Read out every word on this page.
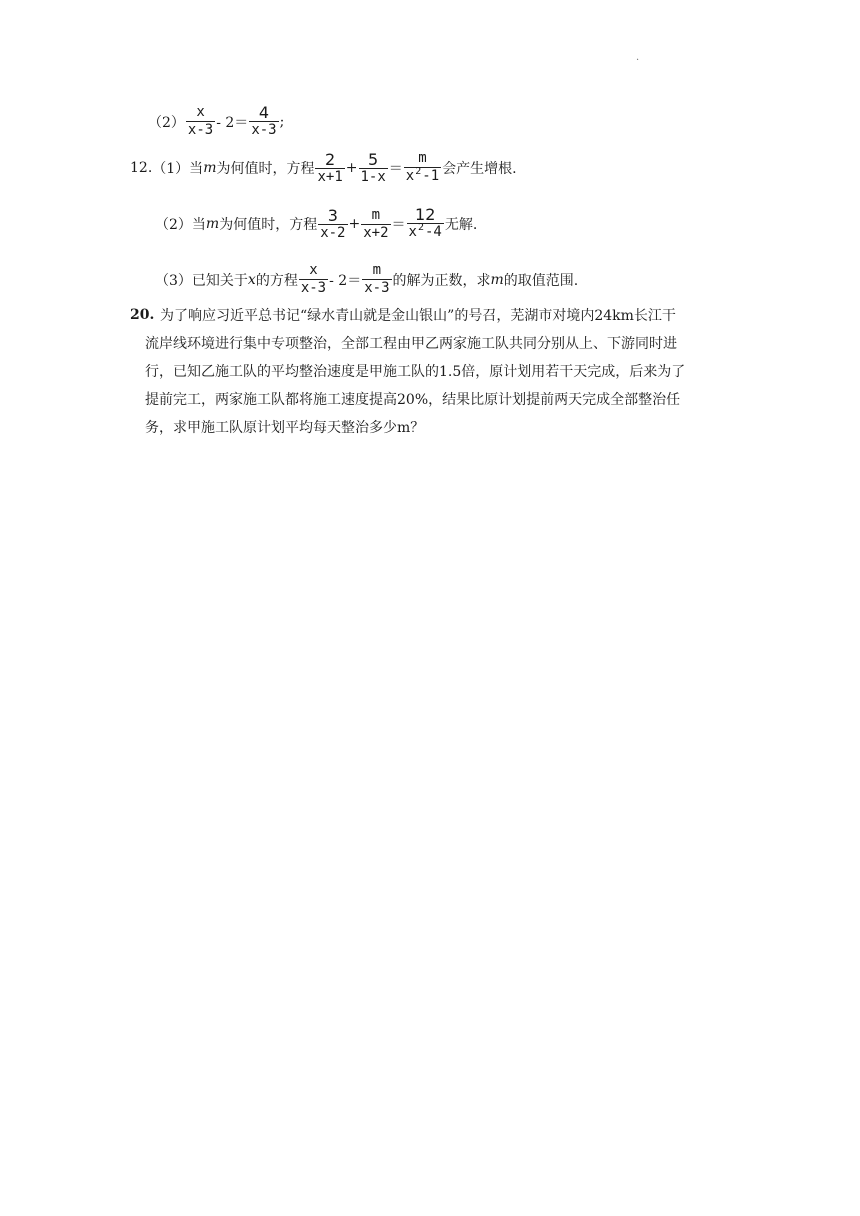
·
$(2) \frac{x}{x-3} - 2= \frac{4}{x-3}$ ;
12. （1）当 m 为何值时，方程 $\frac{2}{x+1} + \frac{5}{1-x} = \frac{m}{x^2-1}$ 会产生增根.
（2）当 m 为何值时，方程 $\frac{3}{x-2} + \frac{m}{x+2} = \frac{12}{x^2-4}$ 无解.
（3）已知关于 x 的方程 $\frac{x}{x-3} - 2= \frac{m}{x-3}$ 的解为正数，求 m 的取值范围.
20. 为了响应习近平总书记“绿水青山就是金山银山”的号召，芜湖市对境内24km长江干
流岸线环境进行集中专项整治，全部工程由甲乙两家施工队共同分别从上、下游同时进
行，已知乙施工队的平均整治速度是甲施工队的1.5倍，原计划用若干天完成，后来为了
提前完工，两家施工队都将施工速度提高20%，结果比原计划提前两天完成全部整治任
务，求甲施工队原计划平均每天整治多少m？
